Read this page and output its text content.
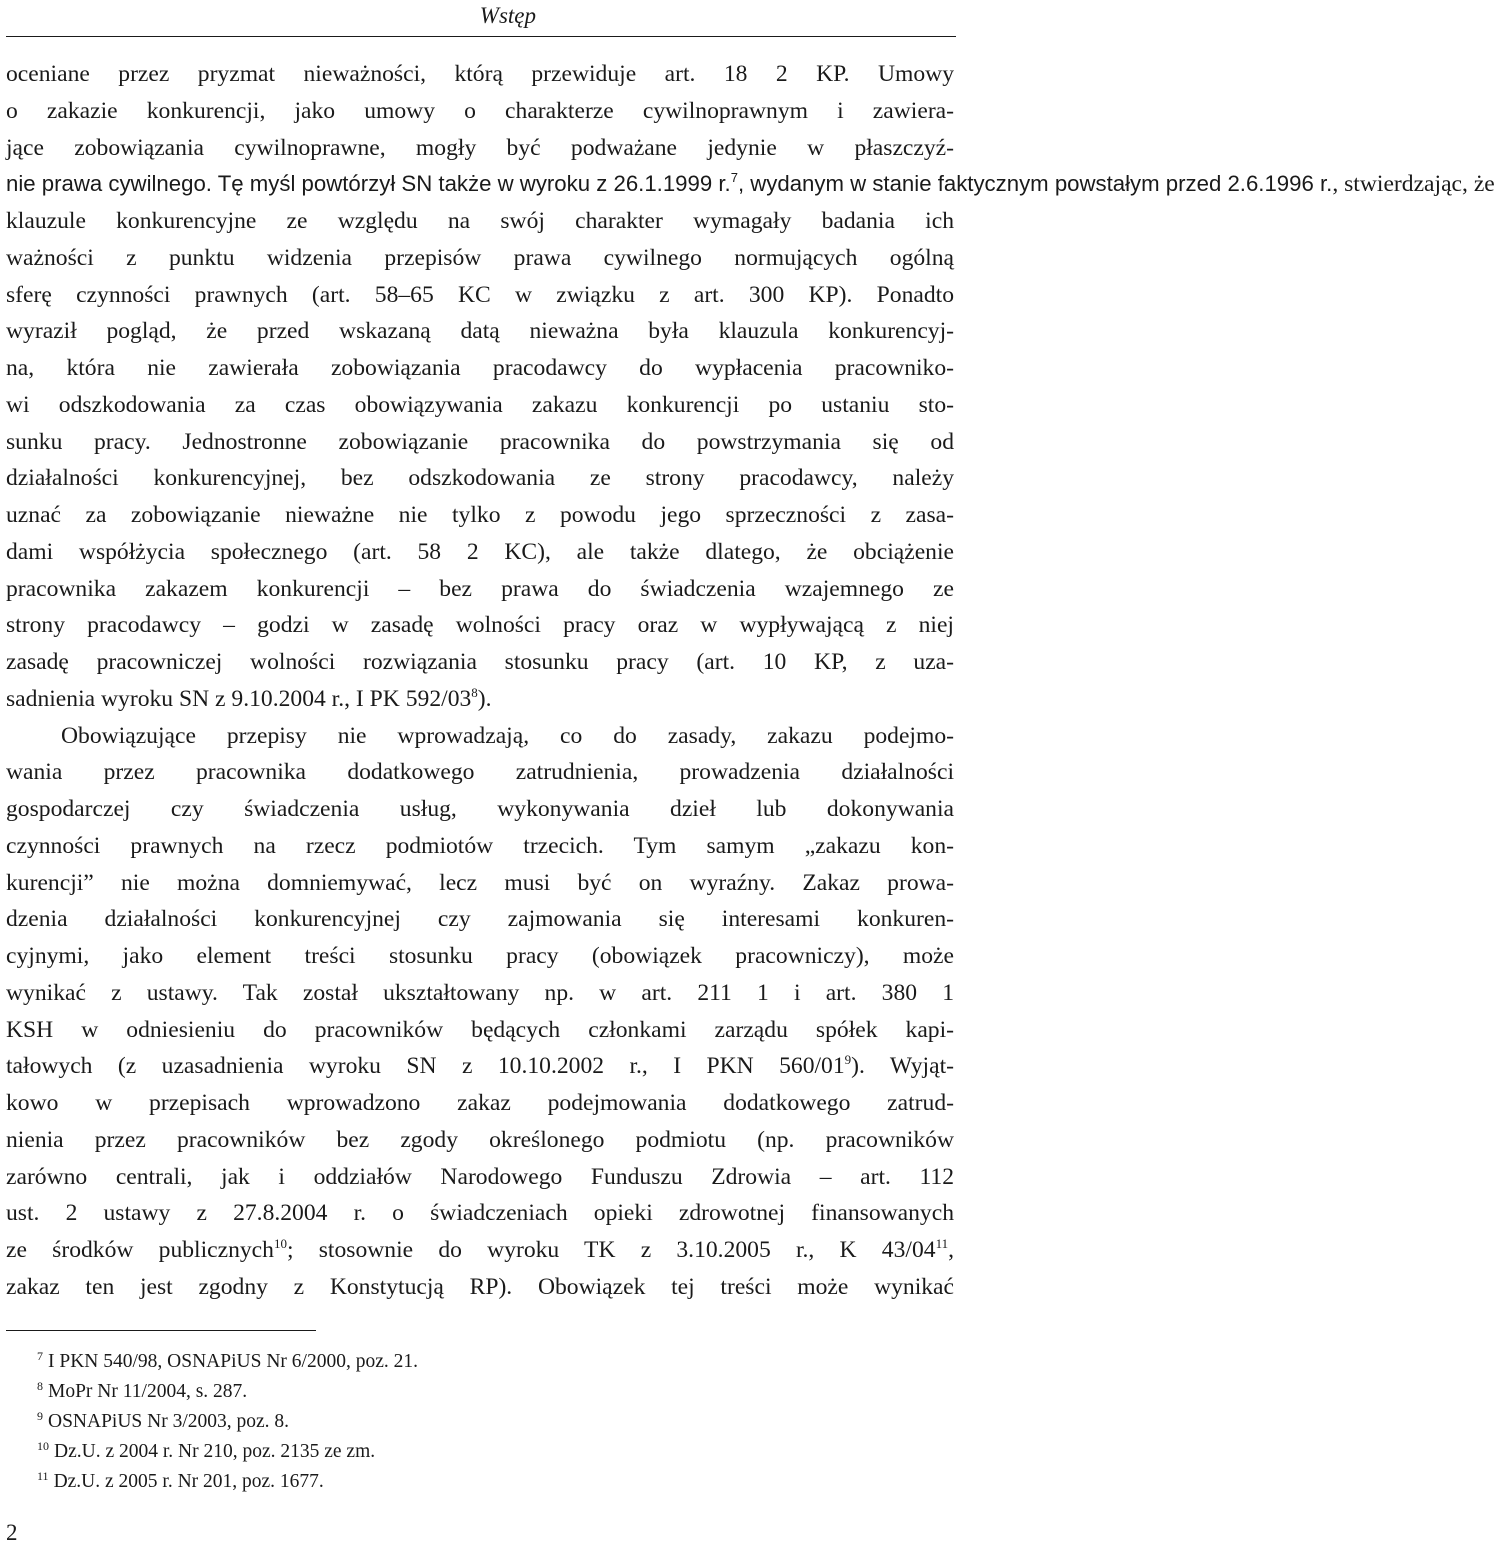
Wstęp
oceniane przez pryzmat nieważności, którą przewiduje art. 18 2 KP. Umowy
o zakazie konkurencji, jako umowy o charakterze cywilnoprawnym i zawiera-
jące zobowiązania cywilnoprawne, mogły być podważane jedynie w płaszczyź-
nie prawa cywilnego. Tę myśl powtórzył SN także w wyroku z 26.1.1999 r.$^7$, wydanym w stanie faktycznym powstałym przed 2.6.1996 r., stwierdzając, że
klauzule konkurencyjne ze względu na swój charakter wymagały badania ich
ważności z punktu widzenia przepisów prawa cywilnego normujących ogólną
sferę czynności prawnych (art. 58–65 KC w związku z art. 300 KP). Ponadto
wyraził pogląd, że przed wskazaną datą nieważna była klauzula konkurencyj-
na, która nie zawierała zobowiązania pracodawcy do wypłacenia pracowniko-
wi odszkodowania za czas obowiązywania zakazu konkurencji po ustaniu sto-
sunku pracy. Jednostronne zobowiązanie pracownika do powstrzymania się od
działalności konkurencyjnej, bez odszkodowania ze strony pracodawcy, należy
uznać za zobowiązanie nieważne nie tylko z powodu jego sprzeczności z zasa-
dami współżycia społecznego (art. 58 2 KC), ale także dlatego, że obciążenie
pracownika zakazem konkurencji – bez prawa do świadczenia wzajemnego ze
strony pracodawcy – godzi w zasadę wolności pracy oraz w wypływającą z niej
zasadę pracowniczej wolności rozwiązania stosunku pracy (art. 10 KP, z uza-
sadnienia wyroku SN z 9.10.2004 r., I PK $592/03^8$).
Obowiązujące przepisy nie wprowadzają, co do zasady, zakazu podejmo-
wania przez pracownika dodatkowego zatrudnienia, prowadzenia działalności
gospodarczej czy świadczenia usług, wykonywania dzieł lub dokonywania
czynności prawnych na rzecz podmiotów trzecich. Tym samym „zakazu kon-
kurencji” nie można domniemywać, lecz musi być on wyraźny. Zakaz prowa-
dzenia działalności konkurencyjnej czy zajmowania się interesami konkuren-
cyjnymi, jako element treści stosunku pracy (obowiązek pracowniczy), może
wynikać z ustawy. Tak został ukształtowany np. w art. 211 1 i art. 380 1
KSH w odniesieniu do pracowników będących członkami zarządu spółek kapi-
tałowych (z uzasadnienia wyroku SN z 10.10.2002 r., I PKN $560/01^9$). Wyjąt-
kowo w przepisach wprowadzono zakaz podejmowania dodatkowego zatrud-
nienia przez pracowników bez zgody określonego podmiotu (np. pracowników
zarówno centrali, jak i oddziałów Narodowego Funduszu Zdrowia – art. 112
ust. 2 ustawy z 27.8.2004 r. o świadczeniach opieki zdrowotnej finansowanych
ze środków publicznych$^{10}$; stosownie do wyroku TK z 3.10.2005 r., K $43/04^{11}$,
zakaz ten jest zgodny z Konstytucją RP). Obowiązek tej treści może wynikać
$^7$ I PKN 540/98, OSNAPiUS Nr 6/2000, poz. 21.
$^8$ MoPr Nr 11/2004, s. 287.
$^9$ OSNAPiUS Nr 3/2003, poz. 8.
$^{10}$ Dz.U. z 2004 r. Nr 210, poz. 2135 ze zm.
$^{11}$ Dz.U. z 2005 r. Nr 201, poz. 1677.
2
